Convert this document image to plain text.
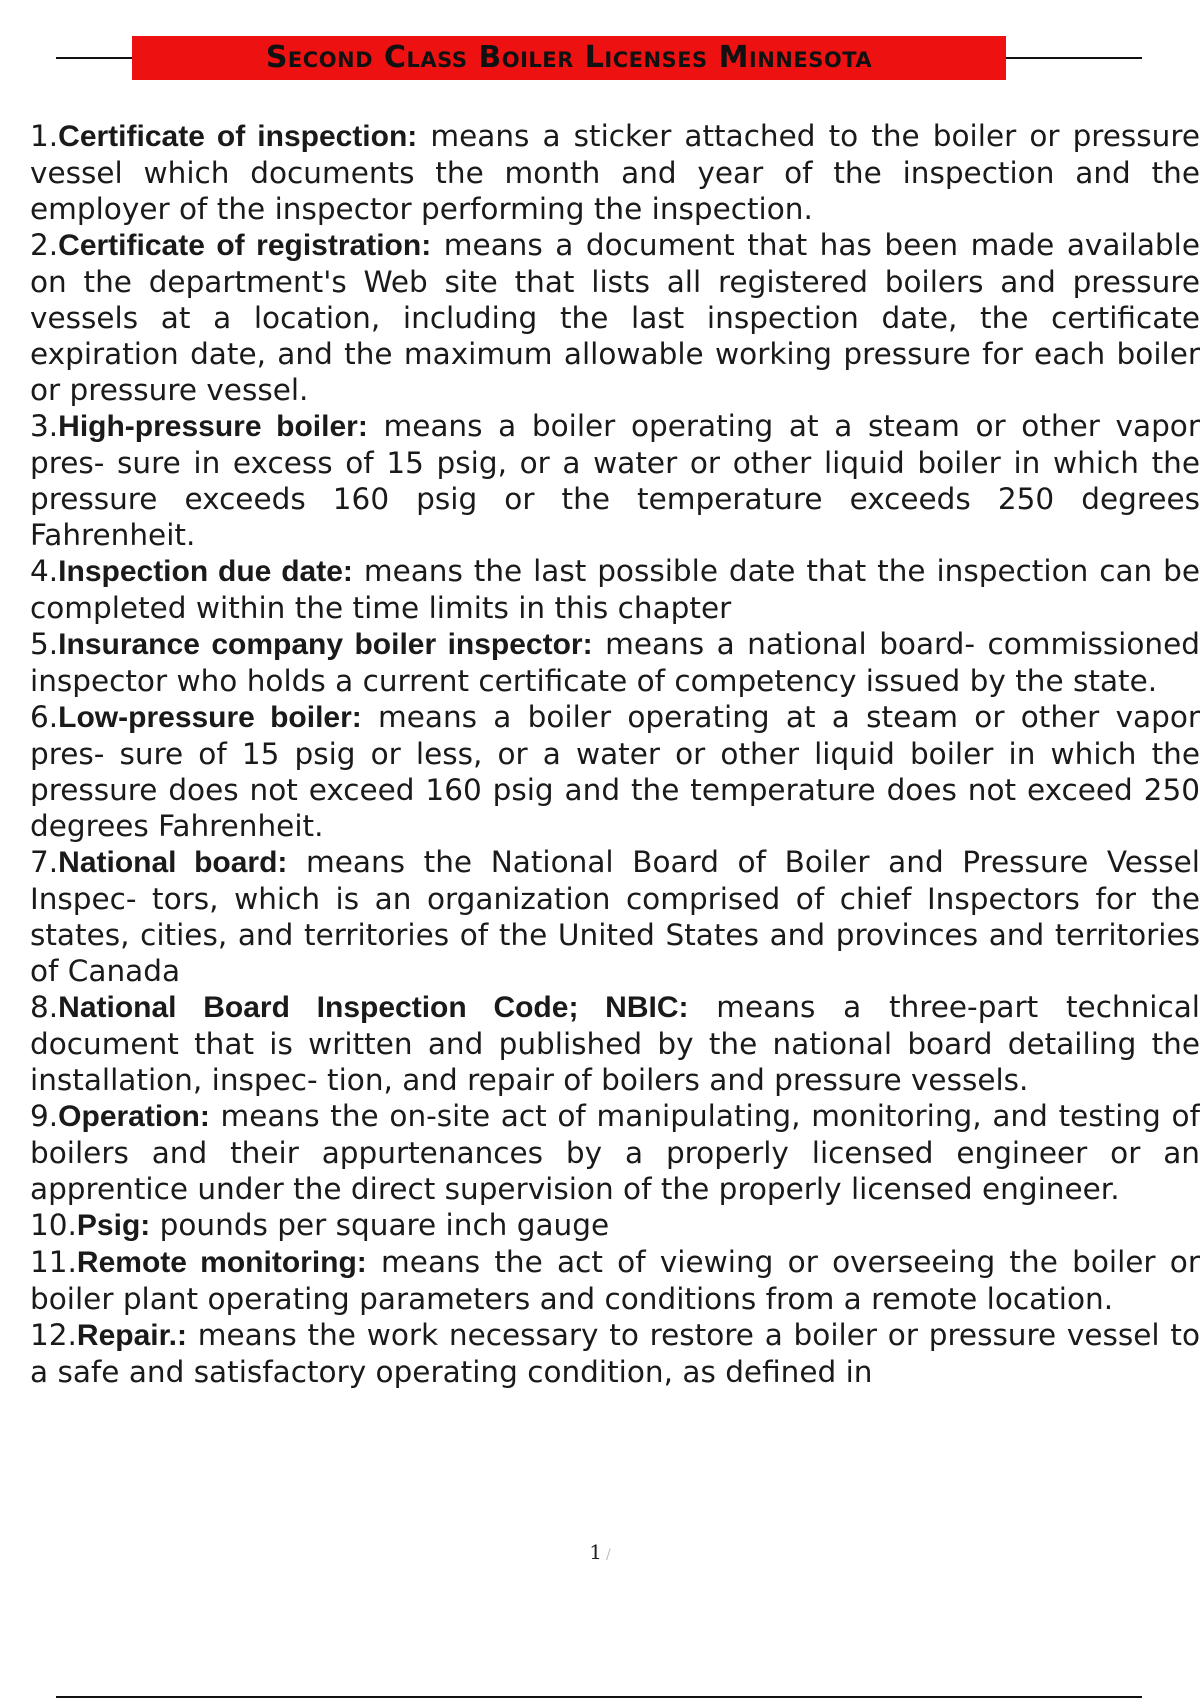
Second Class Boiler Licenses Minnesota

1.Certificate of inspection: means a sticker attached to the boiler or pressure vessel which documents the month and year of the inspection and the employer of the inspector performing the inspection.

2.Certificate of registration: means a document that has been made available on the department's Web site that lists all registered boilers and pressure vessels at a location, including the last inspection date, the certificate expiration date, and the maximum allowable working pressure for each boiler or pressure vessel.

3.High-pressure boiler: means a boiler operating at a steam or other vapor pres- sure in excess of 15 psig, or a water or other liquid boiler in which the pressure exceeds 160 psig or the temperature exceeds 250 degrees Fahrenheit.

4.Inspection due date: means the last possible date that the inspection can be completed within the time limits in this chapter

5.Insurance company boiler inspector: means a national board- commissioned inspector who holds a current certificate of competency issued by the state.

6.Low-pressure boiler: means a boiler operating at a steam or other vapor pres- sure of 15 psig or less, or a water or other liquid boiler in which the pressure does not exceed 160 psig and the temperature does not exceed 250 degrees Fahrenheit.

7.National board: means the National Board of Boiler and Pressure Vessel Inspec- tors, which is an organization comprised of chief Inspectors for the states, cities, and territories of the United States and provinces and territories of Canada

8.National Board Inspection Code; NBIC: means a three-part technical document that is written and published by the national board detailing the installation, inspec- tion, and repair of boilers and pressure vessels.

9.Operation: means the on-site act of manipulating, monitoring, and testing of boilers and their appurtenances by a properly licensed engineer or an apprentice under the direct supervision of the properly licensed engineer.

10.Psig: pounds per square inch gauge

11.Remote monitoring: means the act of viewing or overseeing the boiler or boiler plant operating parameters and conditions from a remote location.

12.Repair.: means the work necessary to restore a boiler or pressure vessel to a safe and satisfactory operating condition, as defined in

1 /
